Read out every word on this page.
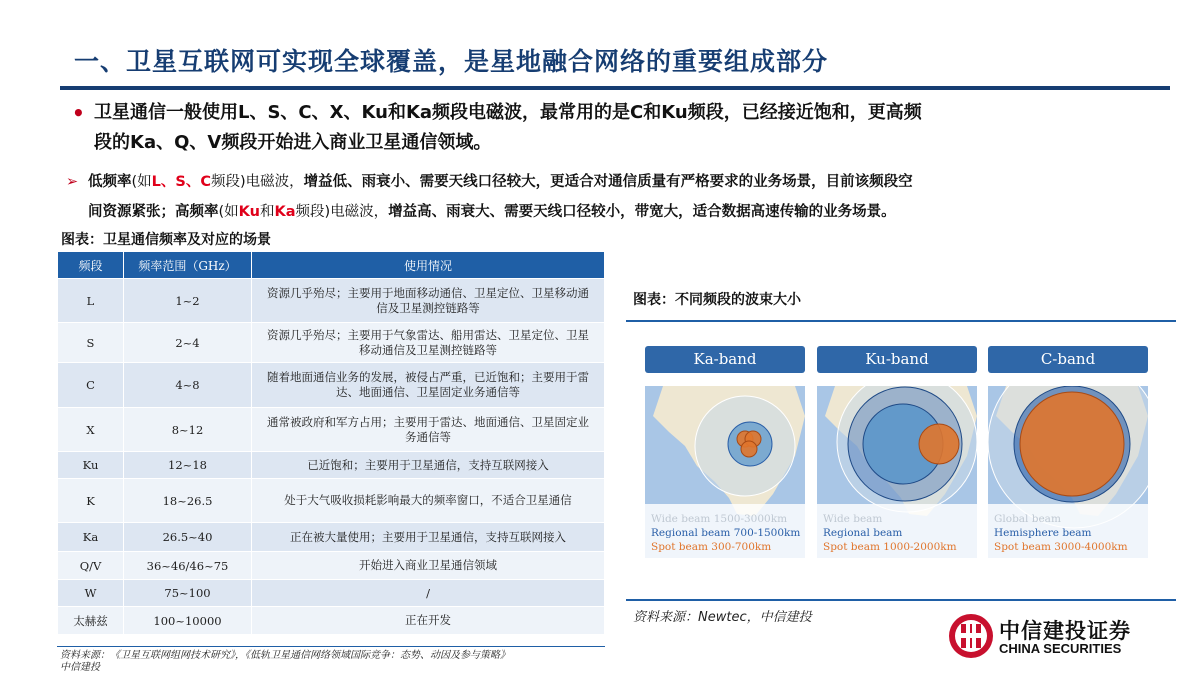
一、卫星互联网可实现全球覆盖，是星地融合网络的重要组成部分
• 卫星通信一般使用L、S、C、X、Ku和Ka频段电磁波，最常用的是C和Ku频段，已经接近饱和，更高频
段的Ka、Q、V频段开始进入商业卫星通信领域。
➢ 低频率(如L、S、C频段)电磁波，增益低、雨衰小、需要天线口径较大，更适合对通信质量有严格要求的业务场景，目前该频段空
间资源紧张；高频率(如Ku和Ka频段)电磁波，增益高、雨衰大、需要天线口径较小，带宽大，适合数据高速传输的业务场景。
图表：卫星通信频率及对应的场景
频段	频率范围（GHz）	使用情况
L	1~2	资源几乎殆尽；主要用于地面移动通信、卫星定位、卫星移动通信及卫星测控链路等
S	2~4	资源几乎殆尽；主要用于气象雷达、船用雷达、卫星定位、卫星移动通信及卫星测控链路等
C	4~8	随着地面通信业务的发展，被侵占严重，已近饱和；主要用于雷达、地面通信、卫星固定业务通信等
X	8~12	通常被政府和军方占用；主要用于雷达、地面通信、卫星固定业务通信等
Ku	12~18	已近饱和；主要用于卫星通信，支持互联网接入
K	18~26.5	处于大气吸收损耗影响最大的频率窗口，不适合卫星通信
Ka	26.5~40	正在被大量使用；主要用于卫星通信，支持互联网接入
Q/V	36~46/46~75	开始进入商业卫星通信领域
W	75~100	/
太赫兹	100~10000	正在开发
资料来源：《卫星互联网组网技术研究》，《低轨卫星通信网络领域国际竞争：态势、动因及参与策略》
中信建投
图表：不同频段的波束大小
Ka-band
Wide beam 1500-3000km
Regional beam 700-1500km
Spot beam 300-700km
Ku-band
Wide beam
Regional beam
Spot beam 1000-2000km
C-band
Global beam
Hemisphere beam
Spot beam 3000-4000km
资料来源：Newtec，中信建投
中信建投证券
CHINA SECURITIES
